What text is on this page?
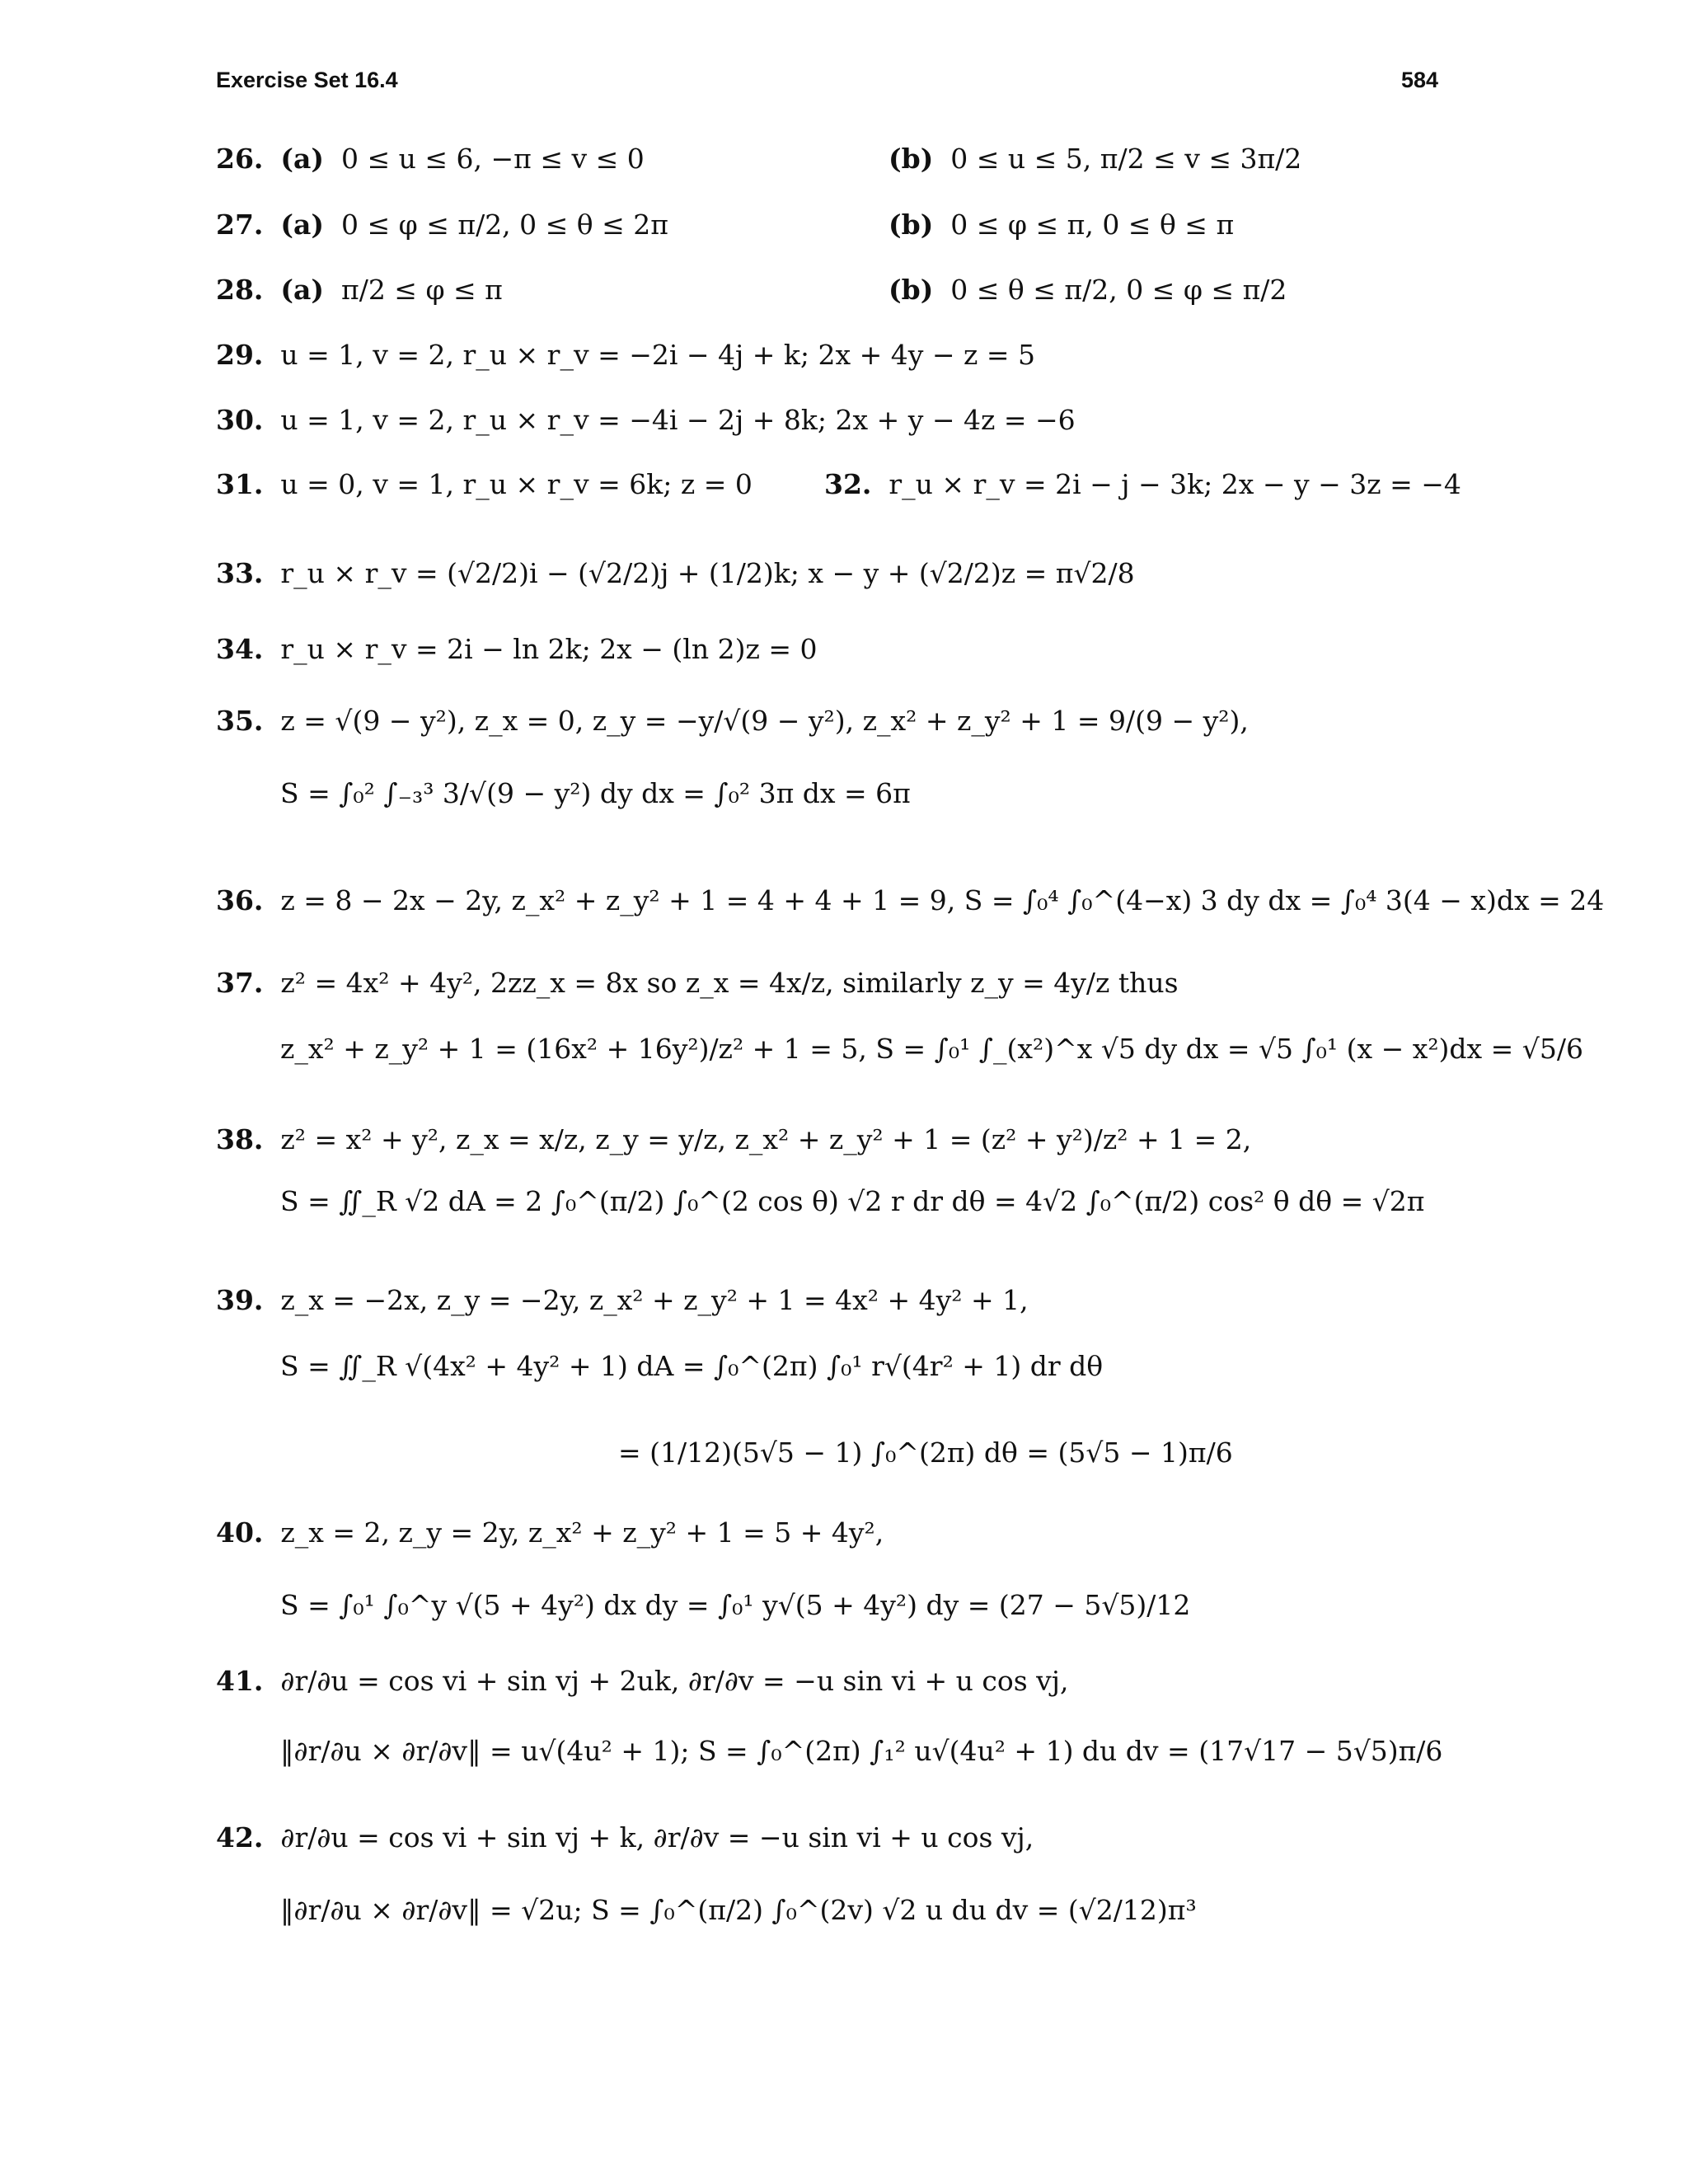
Exercise Set 16.4	584
26. (a) 0 ≤ u ≤ 6, −π ≤ v ≤ 0	(b) 0 ≤ u ≤ 5, π/2 ≤ v ≤ 3π/2
27. (a) 0 ≤ φ ≤ π/2, 0 ≤ θ ≤ 2π	(b) 0 ≤ φ ≤ π, 0 ≤ θ ≤ π
28. (a) π/2 ≤ φ ≤ π	(b) 0 ≤ θ ≤ π/2, 0 ≤ φ ≤ π/2
29. u = 1, v = 2, r_u × r_v = −2i − 4j + k; 2x + 4y − z = 5
30. u = 1, v = 2, r_u × r_v = −4i − 2j + 8k; 2x + y − 4z = −6
31. u = 0, v = 1, r_u × r_v = 6k; z = 0	32. r_u × r_v = 2i − j − 3k; 2x − y − 3z = −4
33. r_u × r_v = (√2/2)i − (√2/2)j + (1/2)k; x − y + (√2/2)z = π√2/8
34. r_u × r_v = 2i − ln 2k; 2x − (ln 2)z = 0
35. z = √(9 − y²), z_x = 0, z_y = −y/√(9 − y²), z_x² + z_y² + 1 = 9/(9 − y²),
S = ∫₀² ∫₋₃³ 3/√(9 − y²) dy dx = ∫₀² 3π dx = 6π
36. z = 8 − 2x − 2y, z_x² + z_y² + 1 = 4 + 4 + 1 = 9, S = ∫₀⁴ ∫₀^(4−x) 3 dy dx = ∫₀⁴ 3(4 − x)dx = 24
37. z² = 4x² + 4y², 2zz_x = 8x so z_x = 4x/z, similarly z_y = 4y/z thus
z_x² + z_y² + 1 = (16x² + 16y²)/z² + 1 = 5, S = ∫₀¹ ∫_(x²)^x √5 dy dx = √5 ∫₀¹ (x − x²)dx = √5/6
38. z² = x² + y², z_x = x/z, z_y = y/z, z_x² + z_y² + 1 = (z² + y²)/z² + 1 = 2,
S = ∬_R √2 dA = 2 ∫₀^(π/2) ∫₀^(2 cos θ) √2 r dr dθ = 4√2 ∫₀^(π/2) cos² θ dθ = √2π
39. z_x = −2x, z_y = −2y, z_x² + z_y² + 1 = 4x² + 4y² + 1,
S = ∬_R √(4x² + 4y² + 1) dA = ∫₀^(2π) ∫₀¹ r√(4r² + 1) dr dθ
= (1/12)(5√5 − 1) ∫₀^(2π) dθ = (5√5 − 1)π/6
40. z_x = 2, z_y = 2y, z_x² + z_y² + 1 = 5 + 4y²,
S = ∫₀¹ ∫₀^y √(5 + 4y²) dx dy = ∫₀¹ y√(5 + 4y²) dy = (27 − 5√5)/12
41. ∂r/∂u = cos vi + sin vj + 2uk, ∂r/∂v = −u sin vi + u cos vj,
‖∂r/∂u × ∂r/∂v‖ = u√(4u² + 1); S = ∫₀^(2π) ∫₁² u√(4u² + 1) du dv = (17√17 − 5√5)π/6
42. ∂r/∂u = cos vi + sin vj + k, ∂r/∂v = −u sin vi + u cos vj,
‖∂r/∂u × ∂r/∂v‖ = √2u; S = ∫₀^(π/2) ∫₀^(2v) √2 u du dv = (√2/12)π³
